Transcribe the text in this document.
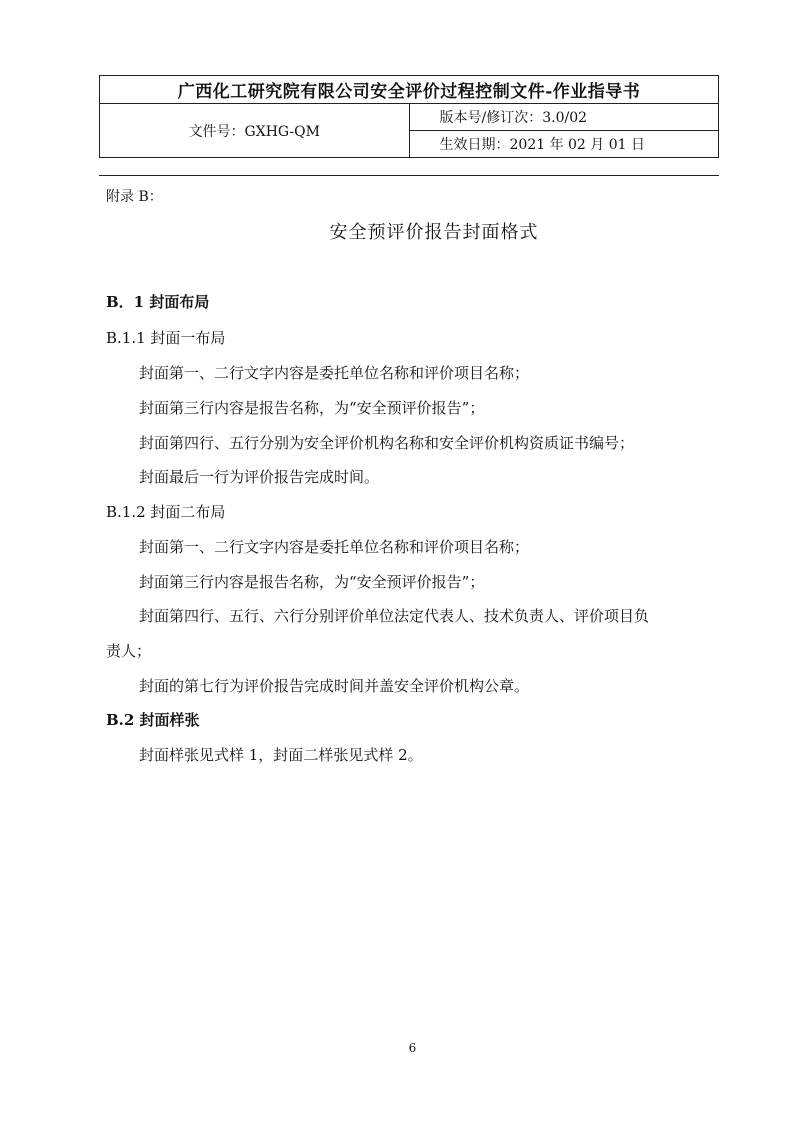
广西化工研究院有限公司安全评价过程控制文件-作业指导书
文件号：GXHG-QM	版本号/修订次：3.0/02
生效日期：2021 年 02 月 01 日
附录 B：
安全预评价报告封面格式
B．1 封面布局
B.1.1 封面一布局
封面第一、二行文字内容是委托单位名称和评价项目名称；
封面第三行内容是报告名称，为“安全预评价报告”；
封面第四行、五行分别为安全评价机构名称和安全评价机构资质证书编号；
封面最后一行为评价报告完成时间。
B.1.2 封面二布局
封面第一、二行文字内容是委托单位名称和评价项目名称；
封面第三行内容是报告名称，为“安全预评价报告”；
封面第四行、五行、六行分别评价单位法定代表人、技术负责人、评价项目负
责人；
封面的第七行为评价报告完成时间并盖安全评价机构公章。
B.2 封面样张
封面样张见式样 1，封面二样张见式样 2。
6
